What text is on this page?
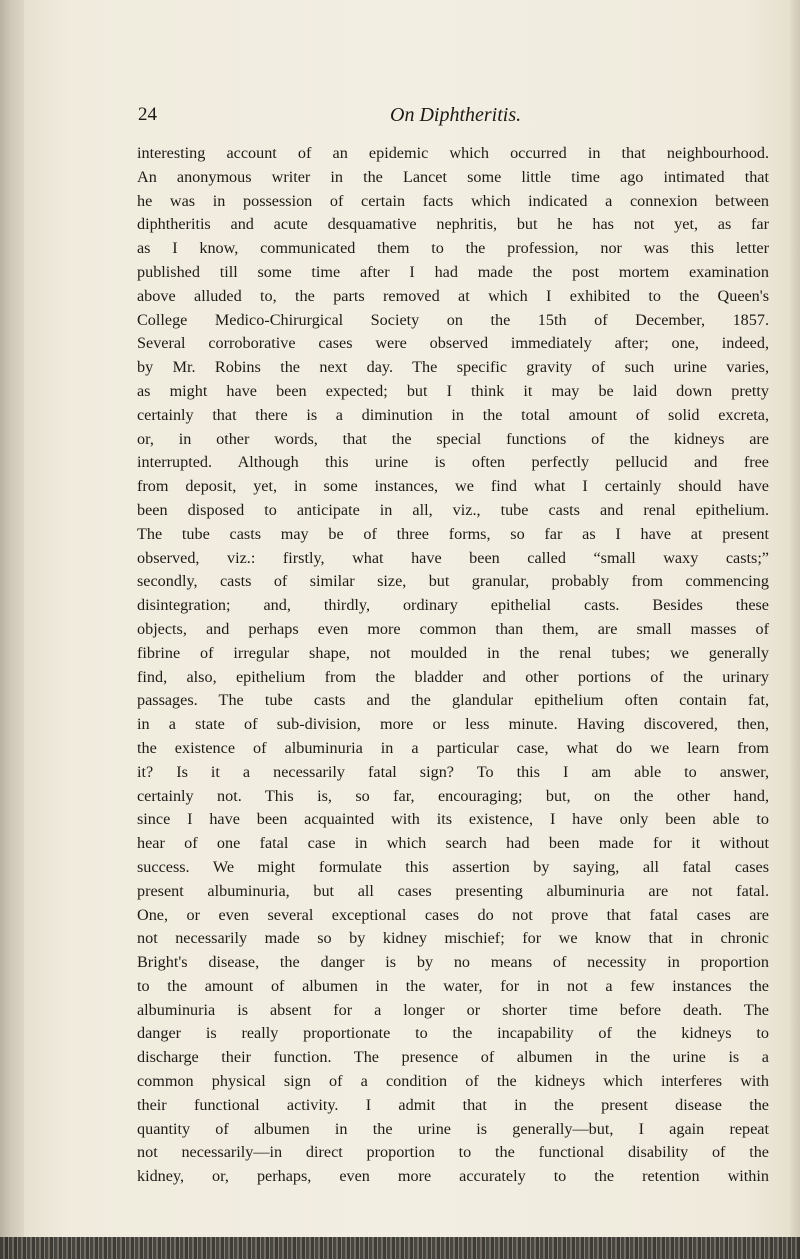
24	On Diphtheritis.
interesting account of an epidemic which occurred in that neighbourhood.
An anonymous writer in the Lancet some little time ago intimated that
he was in possession of certain facts which indicated a connexion between
diphtheritis and acute desquamative nephritis, but he has not yet, as far
as I know, communicated them to the profession, nor was this letter
published till some time after I had made the post mortem examination
above alluded to, the parts removed at which I exhibited to the Queen's
College Medico-Chirurgical Society on the 15th of December, 1857.
Several corroborative cases were observed immediately after; one, indeed,
by Mr. Robins the next day. The specific gravity of such urine varies,
as might have been expected; but I think it may be laid down pretty
certainly that there is a diminution in the total amount of solid excreta,
or, in other words, that the special functions of the kidneys are
interrupted. Although this urine is often perfectly pellucid and free
from deposit, yet, in some instances, we find what I certainly should have
been disposed to anticipate in all, viz., tube casts and renal epithelium.
The tube casts may be of three forms, so far as I have at present
observed, viz.: firstly, what have been called “small waxy casts;”
secondly, casts of similar size, but granular, probably from commencing
disintegration; and, thirdly, ordinary epithelial casts. Besides these
objects, and perhaps even more common than them, are small masses of
fibrine of irregular shape, not moulded in the renal tubes; we generally
find, also, epithelium from the bladder and other portions of the urinary
passages. The tube casts and the glandular epithelium often contain fat,
in a state of sub-division, more or less minute. Having discovered, then,
the existence of albuminuria in a particular case, what do we learn from
it? Is it a necessarily fatal sign? To this I am able to answer,
certainly not. This is, so far, encouraging; but, on the other hand,
since I have been acquainted with its existence, I have only been able to
hear of one fatal case in which search had been made for it without
success. We might formulate this assertion by saying, all fatal cases
present albuminuria, but all cases presenting albuminuria are not fatal.
One, or even several exceptional cases do not prove that fatal cases are
not necessarily made so by kidney mischief; for we know that in chronic
Bright's disease, the danger is by no means of necessity in proportion
to the amount of albumen in the water, for in not a few instances the
albuminuria is absent for a longer or shorter time before death. The
danger is really proportionate to the incapability of the kidneys to
discharge their function. The presence of albumen in the urine is a
common physical sign of a condition of the kidneys which interferes with
their functional activity. I admit that in the present disease the
quantity of albumen in the urine is generally—but, I again repeat
not necessarily—in direct proportion to the functional disability of the
kidney, or, perhaps, even more accurately to the retention within
